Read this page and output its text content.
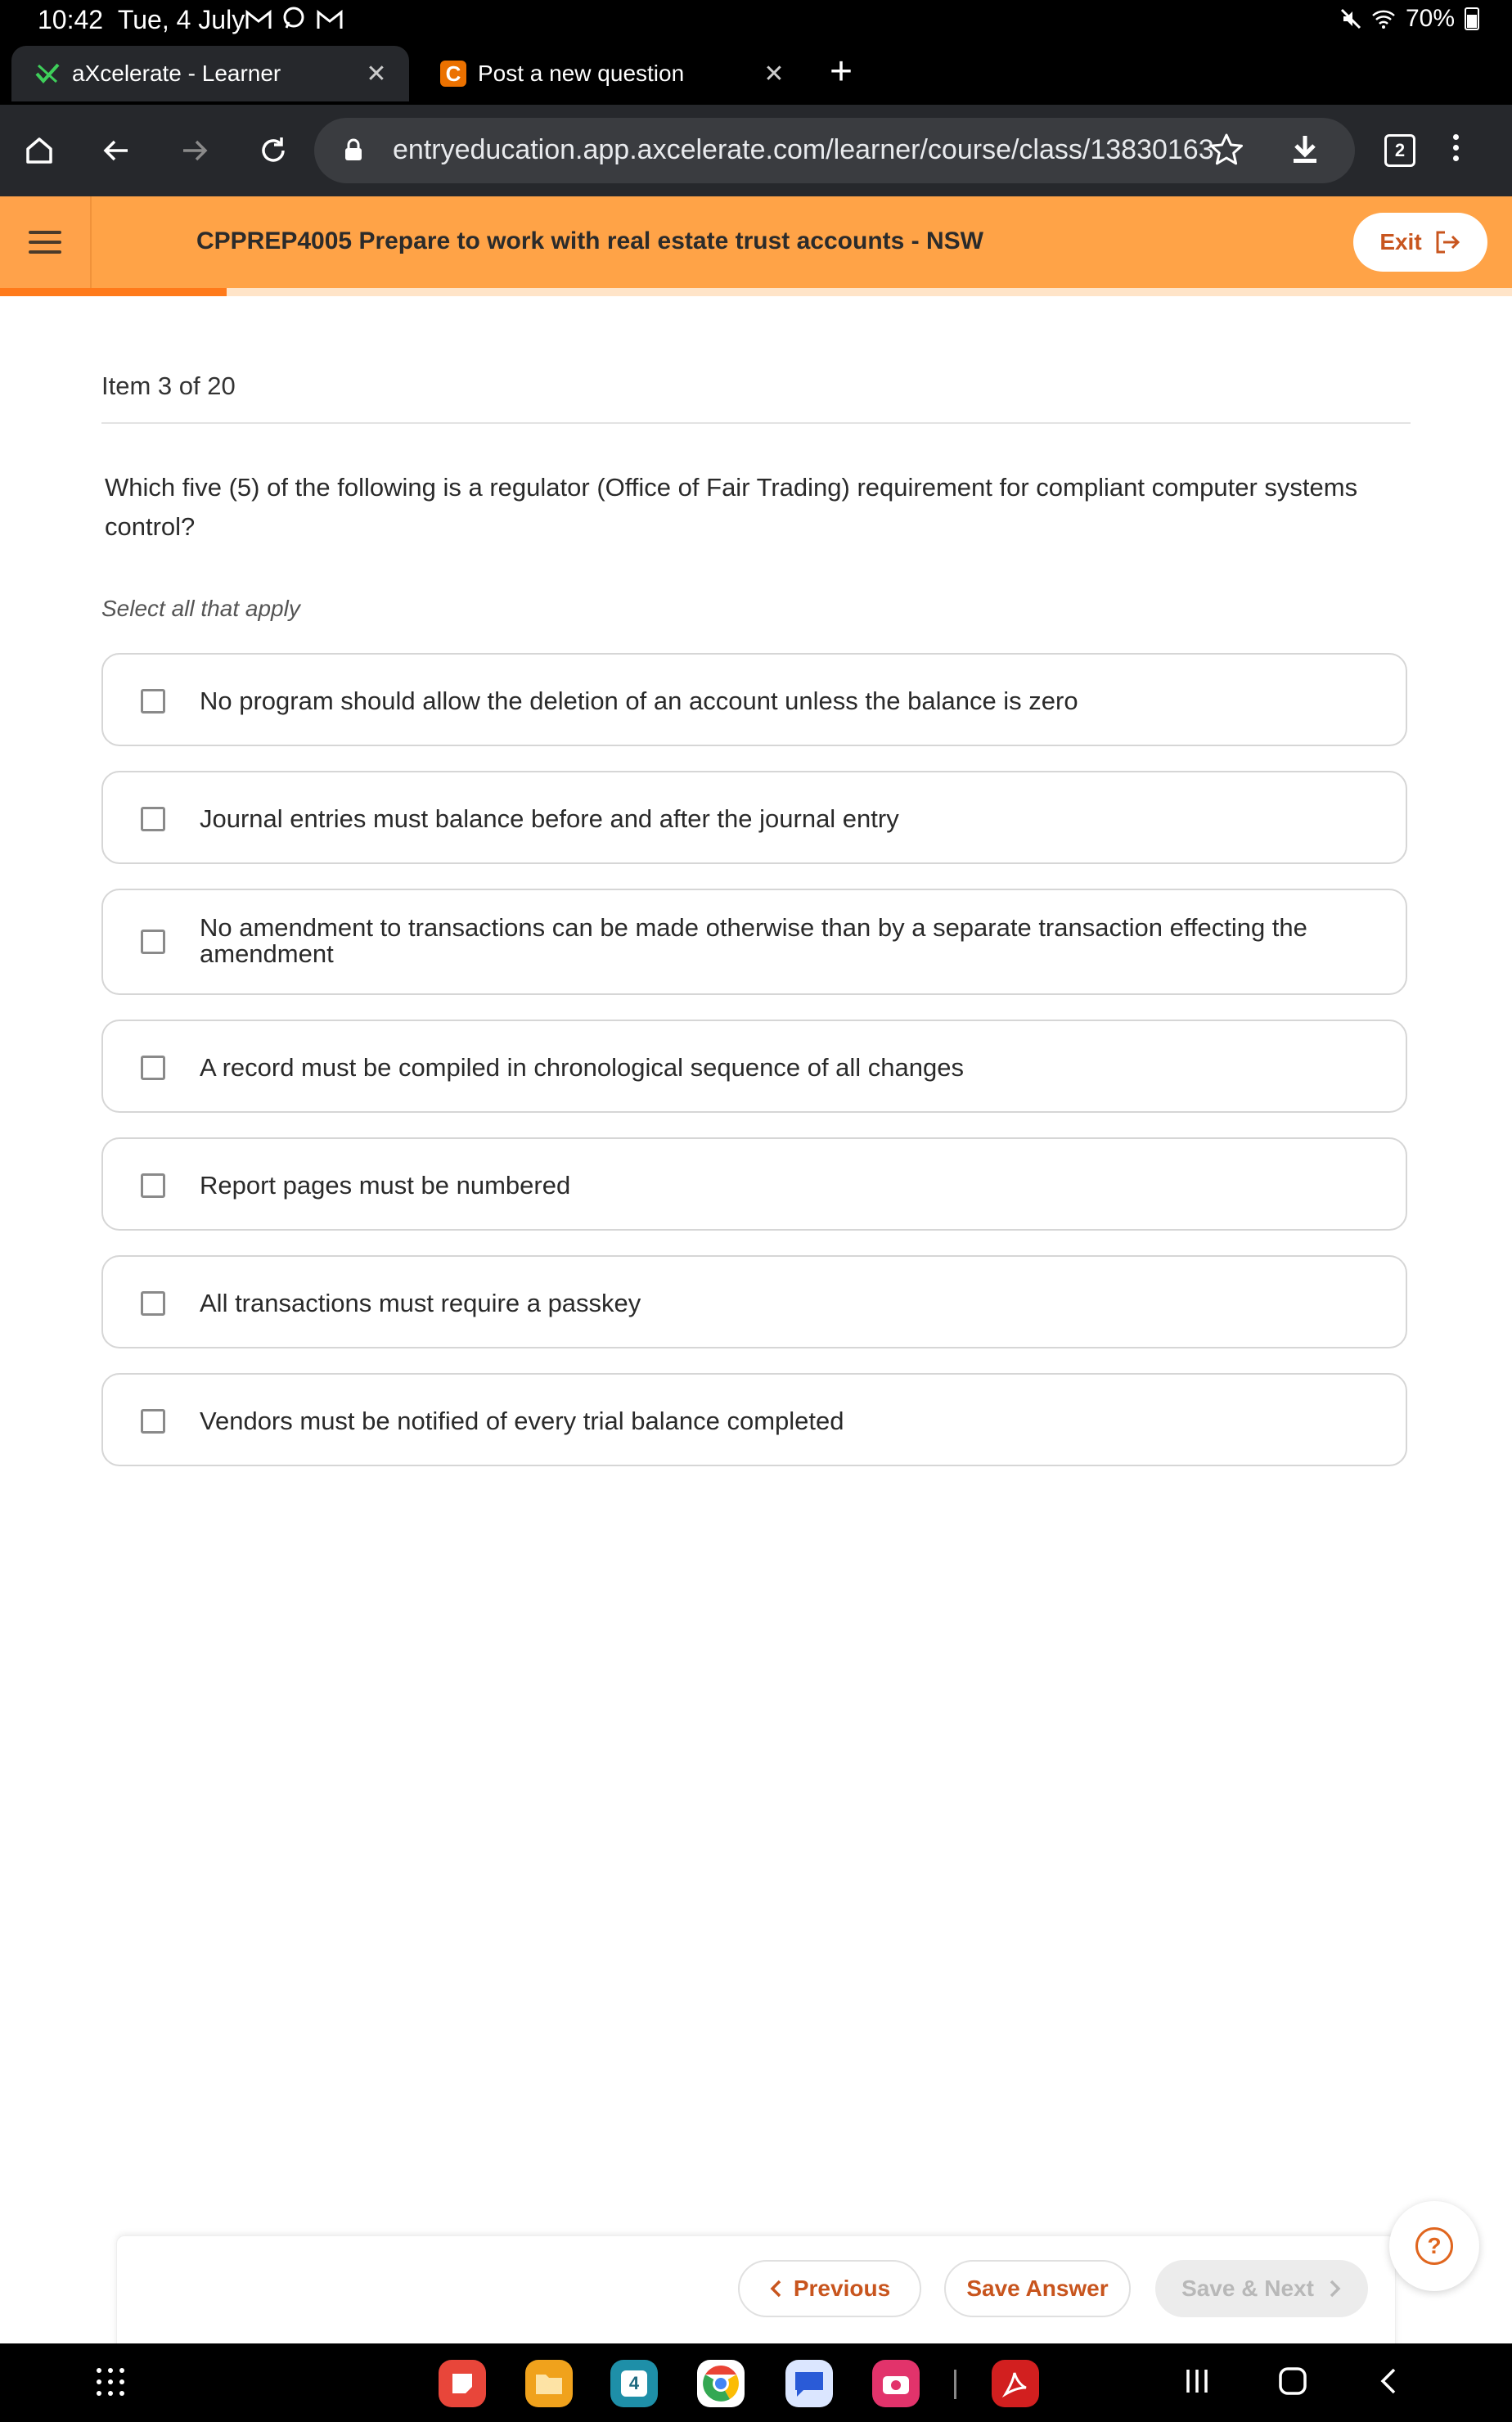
10:42 Tue, 4 July
	70%
aXcelerate - Learner	✕	C Post a new question	✕ +
entryeducation.app.axcelerate.com/learner/course/class/13830163	2
CPPREP4005 Prepare to work with real estate trust accounts - NSW	Exit
Item 3 of 20
Which five (5) of the following is a regulator (Office of Fair Trading) requirement for compliant computer systems control?
Select all that apply
No program should allow the deletion of an account unless the balance is zero
Journal entries must balance before and after the journal entry
No amendment to transactions can be made otherwise than by a separate transaction effecting the amendment
A record must be compiled in chronological sequence of all changes
Report pages must be numbered
All transactions must require a passkey
Vendors must be notified of every trial balance completed
Previous	Save Answer	Save & Next
?
4
